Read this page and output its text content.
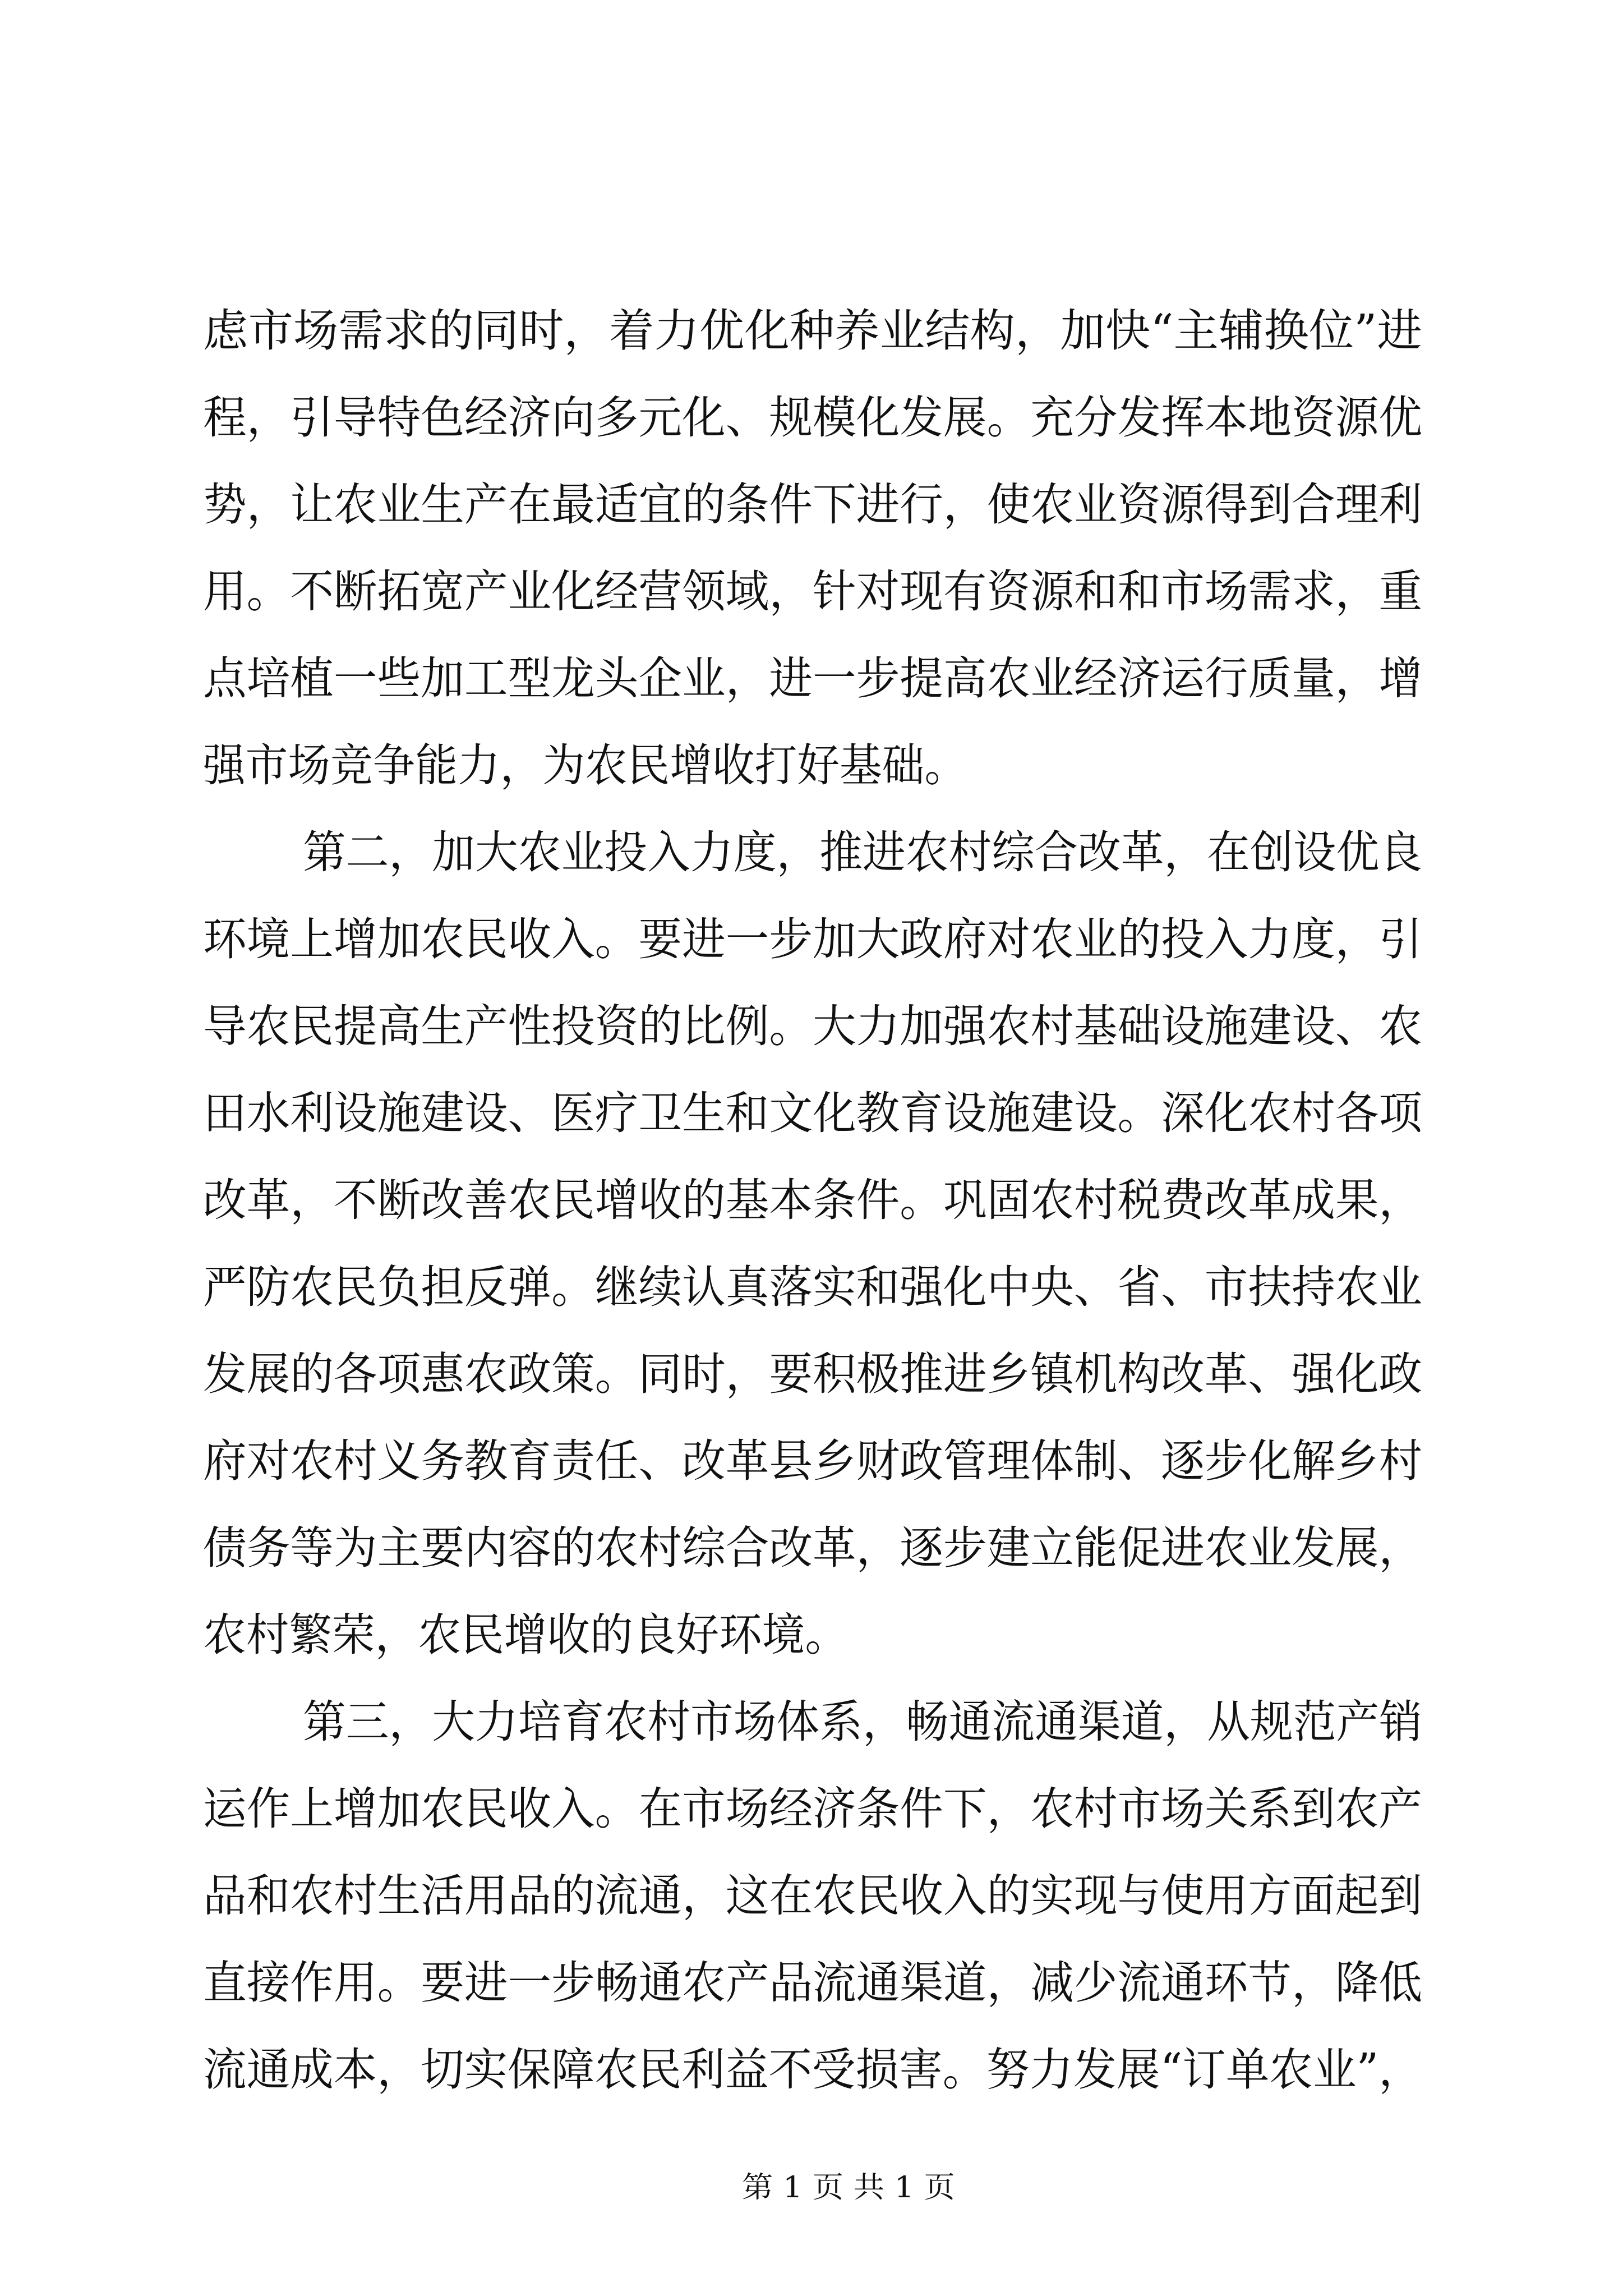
虑市场需求的同时，着力优化种养业结构，加快“主辅换位”进

程，引导特色经济向多元化、规模化发展。充分发挥本地资源优

势，让农业生产在最适宜的条件下进行，使农业资源得到合理利

用。不断拓宽产业化经营领域，针对现有资源和和市场需求，重

点培植一些加工型龙头企业，进一步提高农业经济运行质量，增

强市场竞争能力，为农民增收打好基础。

第二，加大农业投入力度，推进农村综合改革，在创设优良

环境上增加农民收入。要进一步加大政府对农业的投入力度，引

导农民提高生产性投资的比例。大力加强农村基础设施建设、农

田水利设施建设、医疗卫生和文化教育设施建设。深化农村各项

改革，不断改善农民增收的基本条件。巩固农村税费改革成果，

严防农民负担反弹。继续认真落实和强化中央、省、市扶持农业

发展的各项惠农政策。同时，要积极推进乡镇机构改革、强化政

府对农村义务教育责任、改革县乡财政管理体制、逐步化解乡村

债务等为主要内容的农村综合改革，逐步建立能促进农业发展，

农村繁荣，农民增收的良好环境。

第三，大力培育农村市场体系，畅通流通渠道，从规范产销

运作上增加农民收入。在市场经济条件下，农村市场关系到农产

品和农村生活用品的流通，这在农民收入的实现与使用方面起到

直接作用。要进一步畅通农产品流通渠道，减少流通环节，降低

流通成本，切实保障农民利益不受损害。努力发展“订单农业”，

第 1 页 共 1 页
